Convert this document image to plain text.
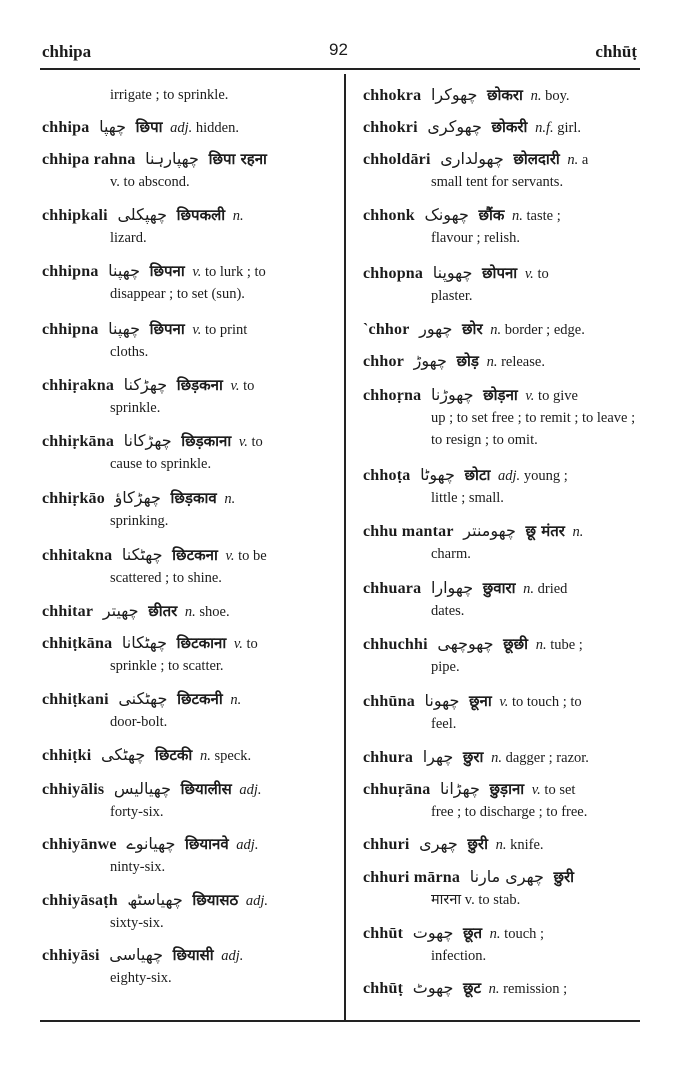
chhipa	92	chhūṭ
irrigate ; to sprinkle.
chhipa چھپا छिपा adj. hidden.
chhipa rahna چھپارہنا छिपा रहना
v. to abscond.
chhipkali چھپکلی छिपकली n.
lizard.
chhipna چھپنا छिपना v. to lurk ; to
disappear ; to set (sun).
chhipna چھپنا छिपना v. to print
cloths.
chhiṛakna چھڑکنا छिड़कना v. to
sprinkle.
chhiṛkāna چھڑکانا छिड़काना v. to
cause to sprinkle.
chhiṛkāo چھڑکاؤ छिड़काव n.
sprinking.
chhitakna چھٹکنا छिटकना v. to be
scattered ; to shine.
chhitar چھیتر छीतर n. shoe.
chhiṭkāna چھٹکانا छिटकाना v. to
sprinkle ; to scatter.
chhiṭkani چھٹکنی छिटकनी n.
door-bolt.
chhiṭki چھٹکی छिटकी n. speck.
chhiyālis چھیالیس छियालीस adj.
forty-six.
chhiyānwe چھیانوے छियानवे adj.
ninty-six.
chhiyāsaṭh چھیاسٹھ छियासठ adj.
sixty-six.
chhiyāsi چھیاسی छियासी adj.
eighty-six.
chhokra چھوکرا छोकरा n. boy.
chhokri چھوکری छोकरी n.f. girl.
chholdāri چھولداری छोलदारी n. a
small tent for servants.
chhonk چھونک छौंक n. taste ;
flavour ; relish.
chhopna چھوپنا छोपना v. to
plaster.
`chhor چھور छोर n. border ; edge.
chhor چھوڑ छोड़ n. release.
chhoṛna چھوڑنا छोड़ना v. to give
up ; to set free ; to remit ; to leave ; to resign ; to omit.
chhoṭa چھوٹا छोटा adj. young ;
little ; small.
chhu mantar چھومنتر छू मंतर n.
charm.
chhuara چھوارا छुवारा n. dried
dates.
chhuchhi چھوچھی छूछी n. tube ;
pipe.
chhūna چھونا छूना v. to touch ; to
feel.
chhura چھرا छुरा n. dagger ; razor.
chhuṛāna چھڑانا छुड़ाना v. to set
free ; to discharge ; to free.
chhuri چھری छुरी n. knife.
chhuri mārna چھری مارنا छुरी
मारना v. to stab.
chhūt چھوت छूत n. touch ;
infection.
chhūṭ چھوٹ छूट n. remission ;
